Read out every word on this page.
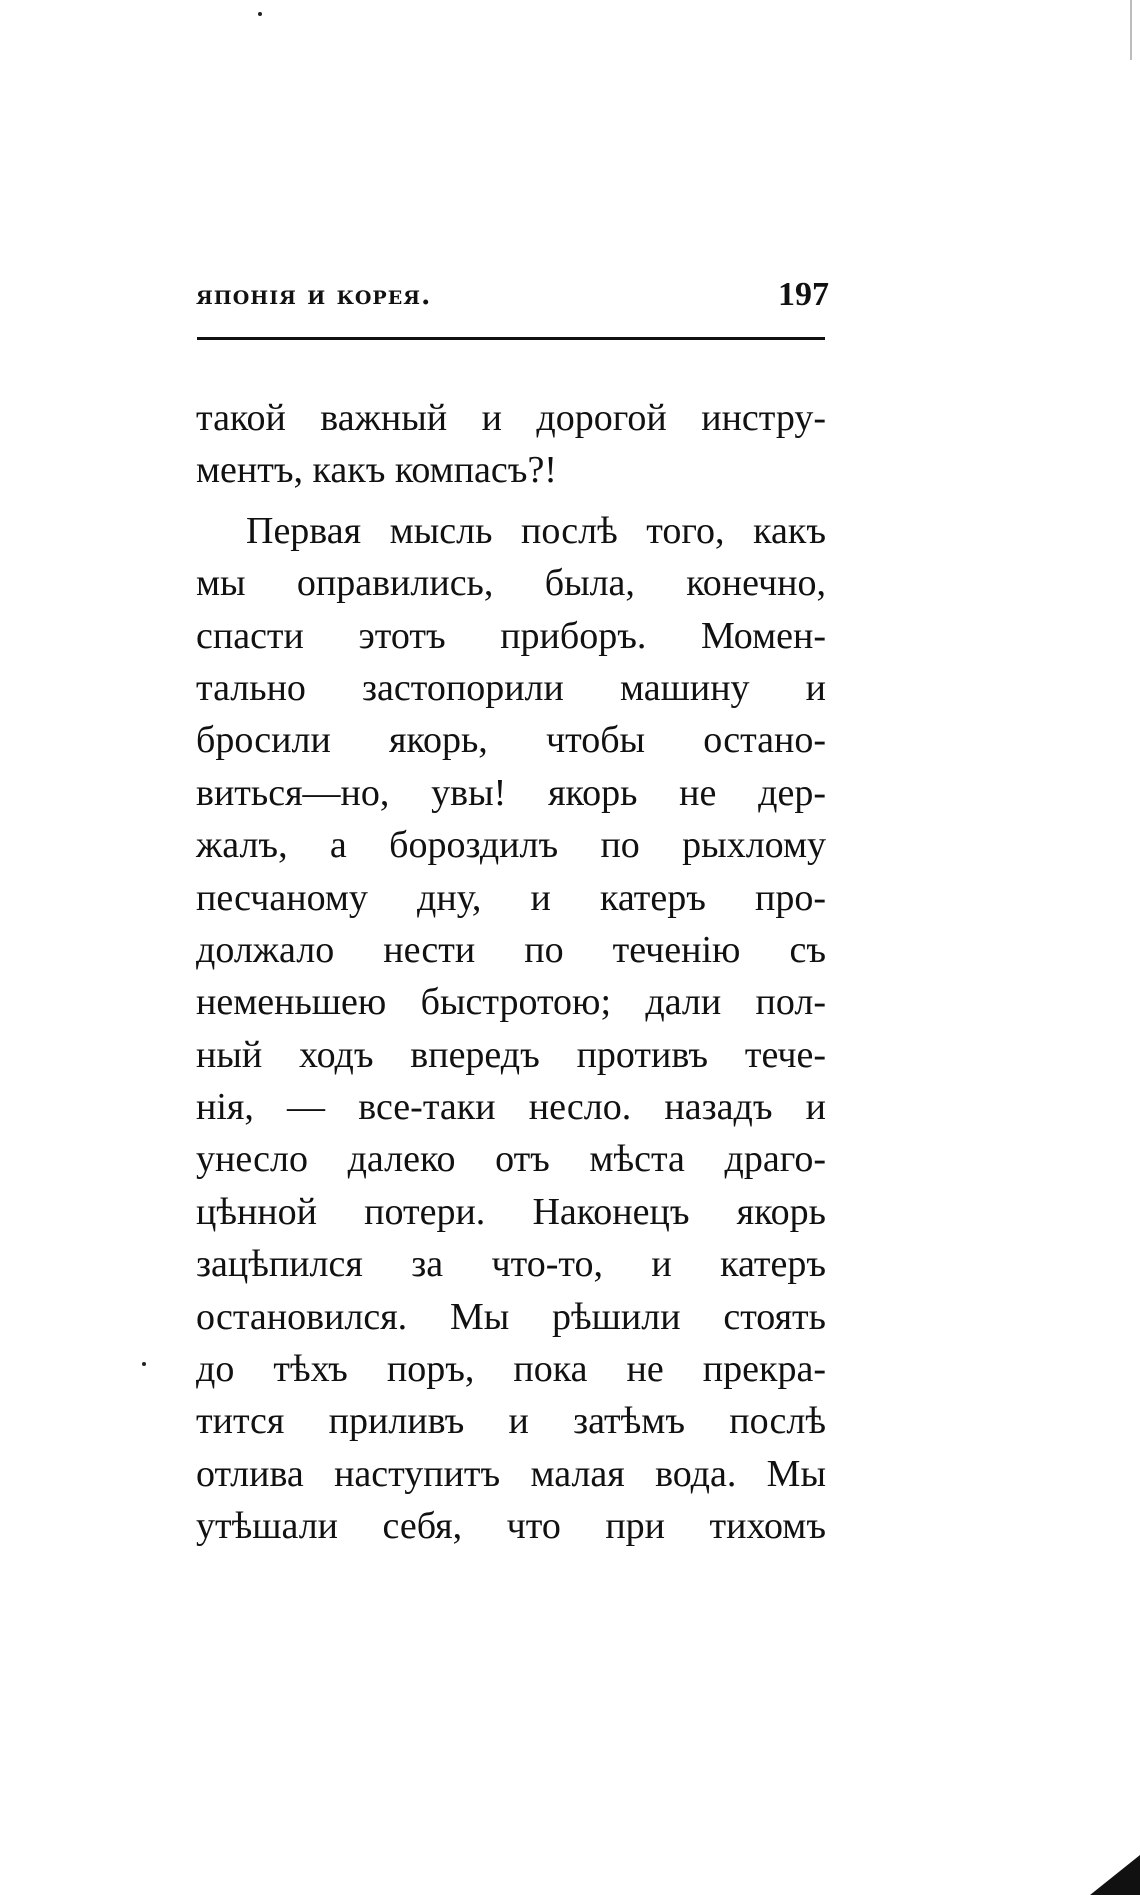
японія и корея.	197
такой важный и дорогой инстру-
ментъ, какъ компасъ?!
Первая мысль послѣ того, какъ
мы оправились, была, конечно,
спасти этотъ приборъ. Момен-
тально застопорили машину и
бросили якорь, чтобы остано-
виться—но, увы! якорь не дер-
жалъ, а бороздилъ по рыхлому
песчаному дну, и катеръ про-
должало нести по теченію съ
неменьшею быстротою; дали пол-
ный ходъ впередъ противъ тече-
нія, — все-таки несло. назадъ и
унесло далеко отъ мѣста драго-
цѣнной потери. Наконецъ якорь
зацѣпился за что-то, и катеръ
остановился. Мы рѣшили стоять
до тѣхъ поръ, пока не прекра-
тится приливъ и затѣмъ послѣ
отлива наступитъ малая вода. Мы
утѣшали себя, что при тихомъ
